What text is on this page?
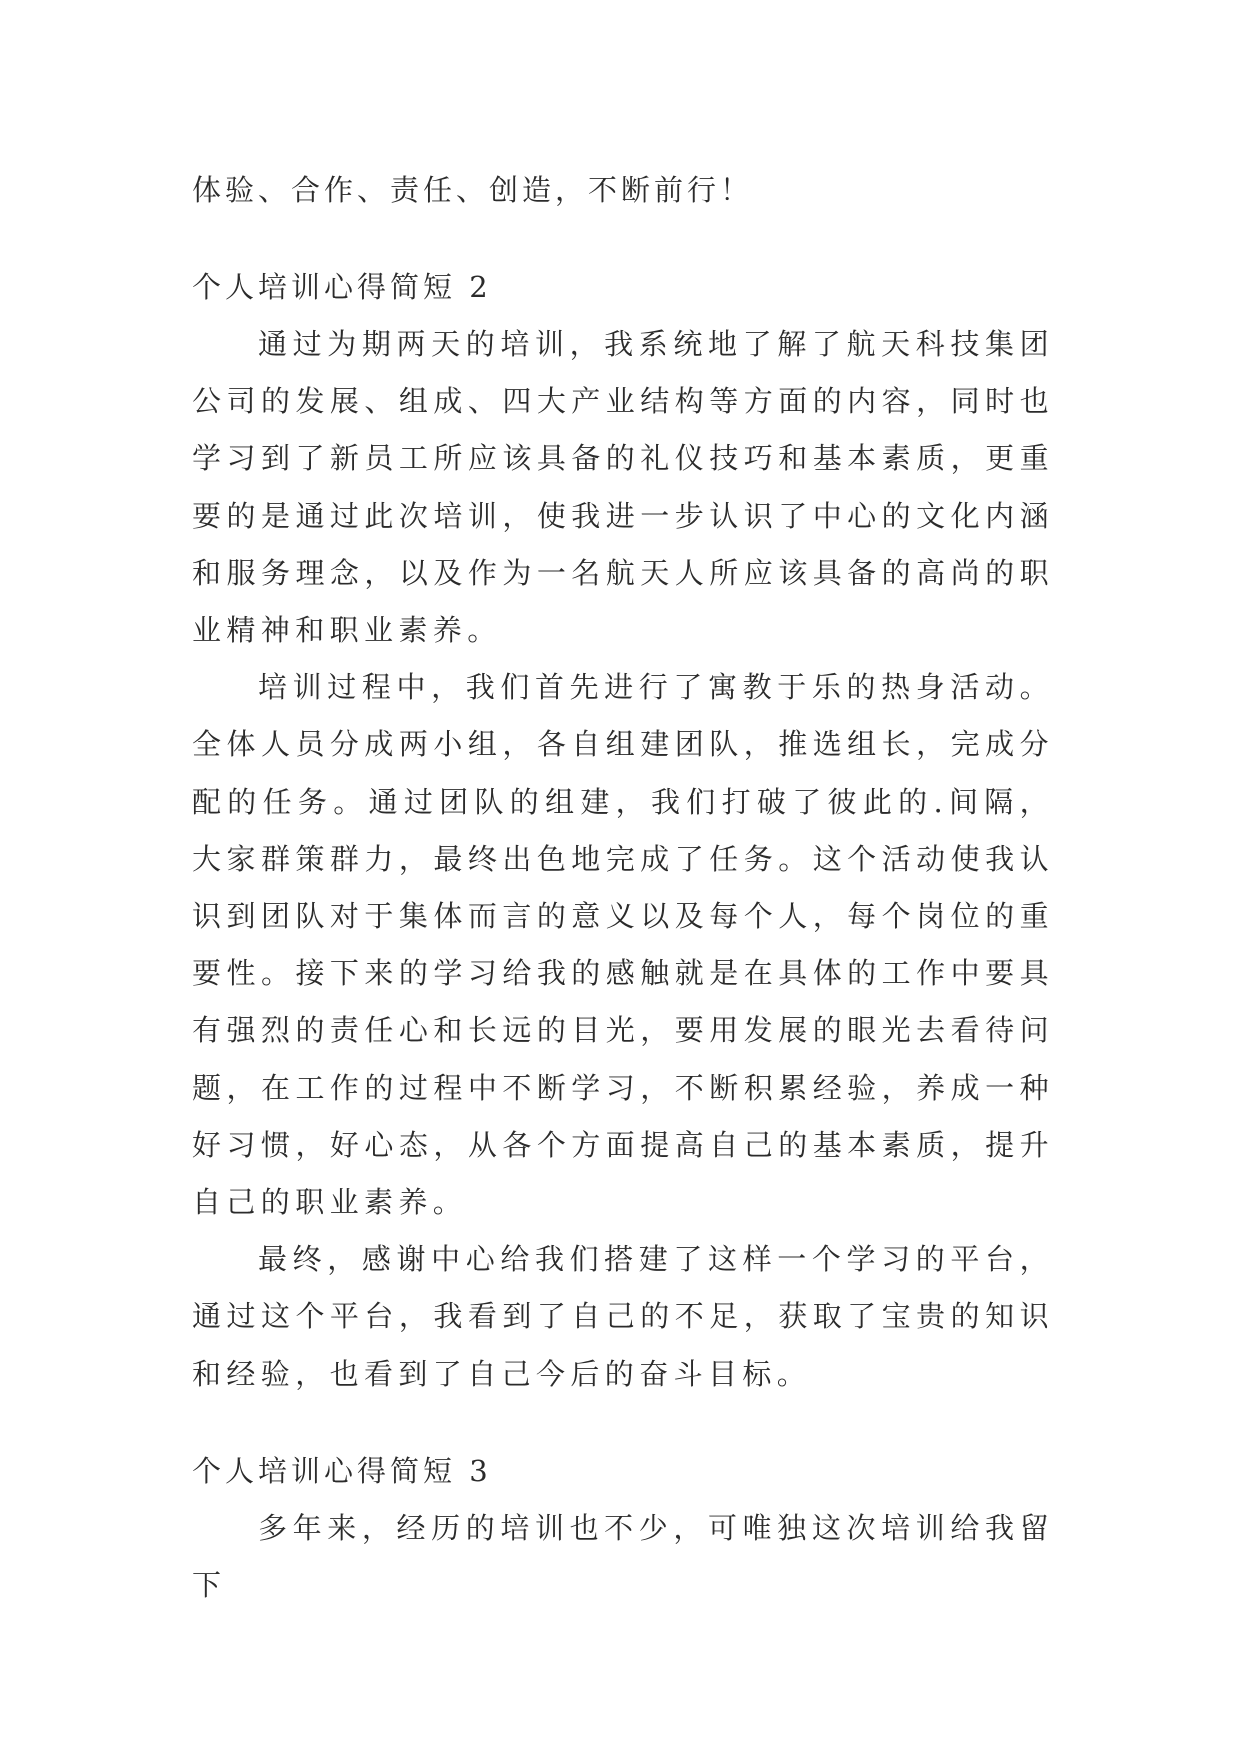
体验、合作、责任、创造，不断前行！

个人培训心得简短 2

通过为期两天的培训，我系统地了解了航天科技集团公司的发展、组成、四大产业结构等方面的内容，同时也学习到了新员工所应该具备的礼仪技巧和基本素质，更重要的是通过此次培训，使我进一步认识了中心的文化内涵和服务理念，以及作为一名航天人所应该具备的高尚的职业精神和职业素养。

培训过程中，我们首先进行了寓教于乐的热身活动。全体人员分成两小组，各自组建团队，推选组长，完成分配的任务。通过团队的组建，我们打破了彼此的.间隔，大家群策群力，最终出色地完成了任务。这个活动使我认识到团队对于集体而言的意义以及每个人，每个岗位的重要性。接下来的学习给我的感触就是在具体的工作中要具有强烈的责任心和长远的目光，要用发展的眼光去看待问题，在工作的过程中不断学习，不断积累经验，养成一种好习惯，好心态，从各个方面提高自己的基本素质，提升自己的职业素养。

最终，感谢中心给我们搭建了这样一个学习的平台，通过这个平台，我看到了自己的不足，获取了宝贵的知识和经验，也看到了自己今后的奋斗目标。

个人培训心得简短 3

多年来，经历的培训也不少，可唯独这次培训给我留下
